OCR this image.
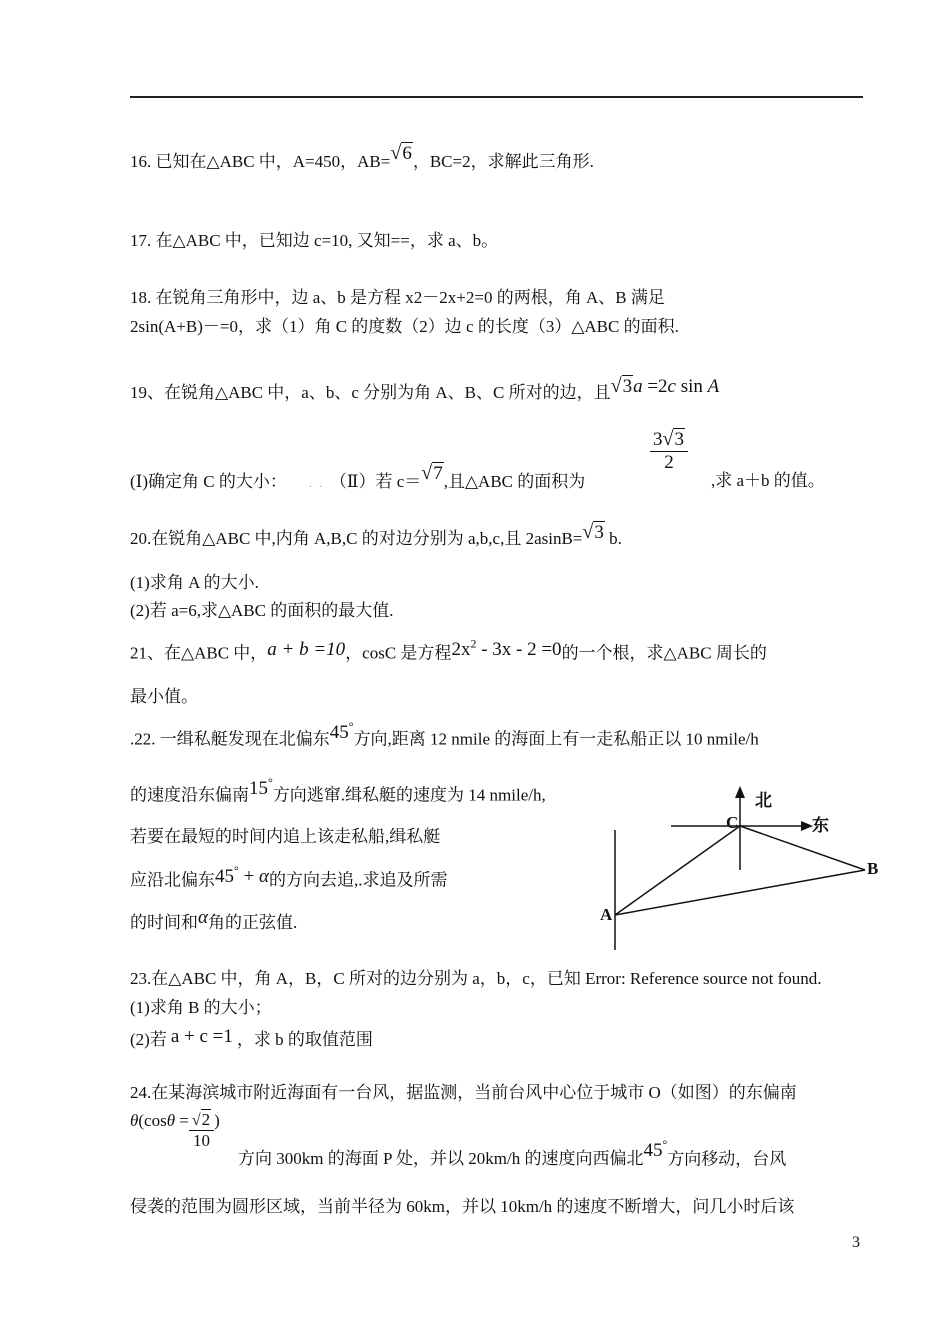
16. 已知在△ABC 中，A=450，AB=√6，BC=2，求解此三角形.
17. 在△ABC 中，已知边 c=10, 又知==，求 a、b。
18. 在锐角三角形中，边 a、b 是方程 x2－2x+2=0 的两根，角 A、B 满足
2sin(A+B)－=0，求（1）角 C 的度数（2）边 c 的长度（3）△ABC 的面积.
19、在锐角△ABC 中，a、b、c 分别为角 A、B、C 所对的边，且√3a =2c sin A
(Ⅰ)确定角 C 的大小： . . （Ⅱ）若 c＝√7,且△ABC 的面积为
$\frac{3√3}{2}$
,求 a＋b 的值。
20.在锐角△ABC 中,内角 A,B,C 的对边分别为 a,b,c,且 2asinB=√3 b.
(1)求角 A 的大小.
(2)若 a=6,求△ABC 的面积的最大值.
21、在△ABC 中，a + b =10，cosC 是方程$2x^2 - 3x - 2 =0$的一个根，求△ABC 周长的
最小值。
.22. 一缉私艇发现在北偏东45°方向,距离 12 nmile 的海面上有一走私船正以 10 nmile/h
的速度沿东偏南15°方向逃窜.缉私艇的速度为 14 nmile/h,
若要在最短的时间内追上该走私船,缉私艇
应沿北偏东45° + α的方向去追,.求追及所需
的时间和α角的正弦值.
北
东
C
B
A
23.在△ABC 中，角 A，B，C 所对的边分别为 a，b，c，已知 Error: Reference source not found.
(1)求角 B 的大小；
(2)若 a + c =1 ，求 b 的取值范围
24.在某海滨城市附近海面有一台风，据监测，当前台风中心位于城市 O（如图）的东偏南
方向 300km 的海面 P 处，并以 20km/h 的速度向西偏北45°方向移动，台风
$\theta(\cos\theta = \frac{√2}{10}$ )
侵袭的范围为圆形区域，当前半径为 60km，并以 10km/h 的速度不断增大，问几小时后该
3
